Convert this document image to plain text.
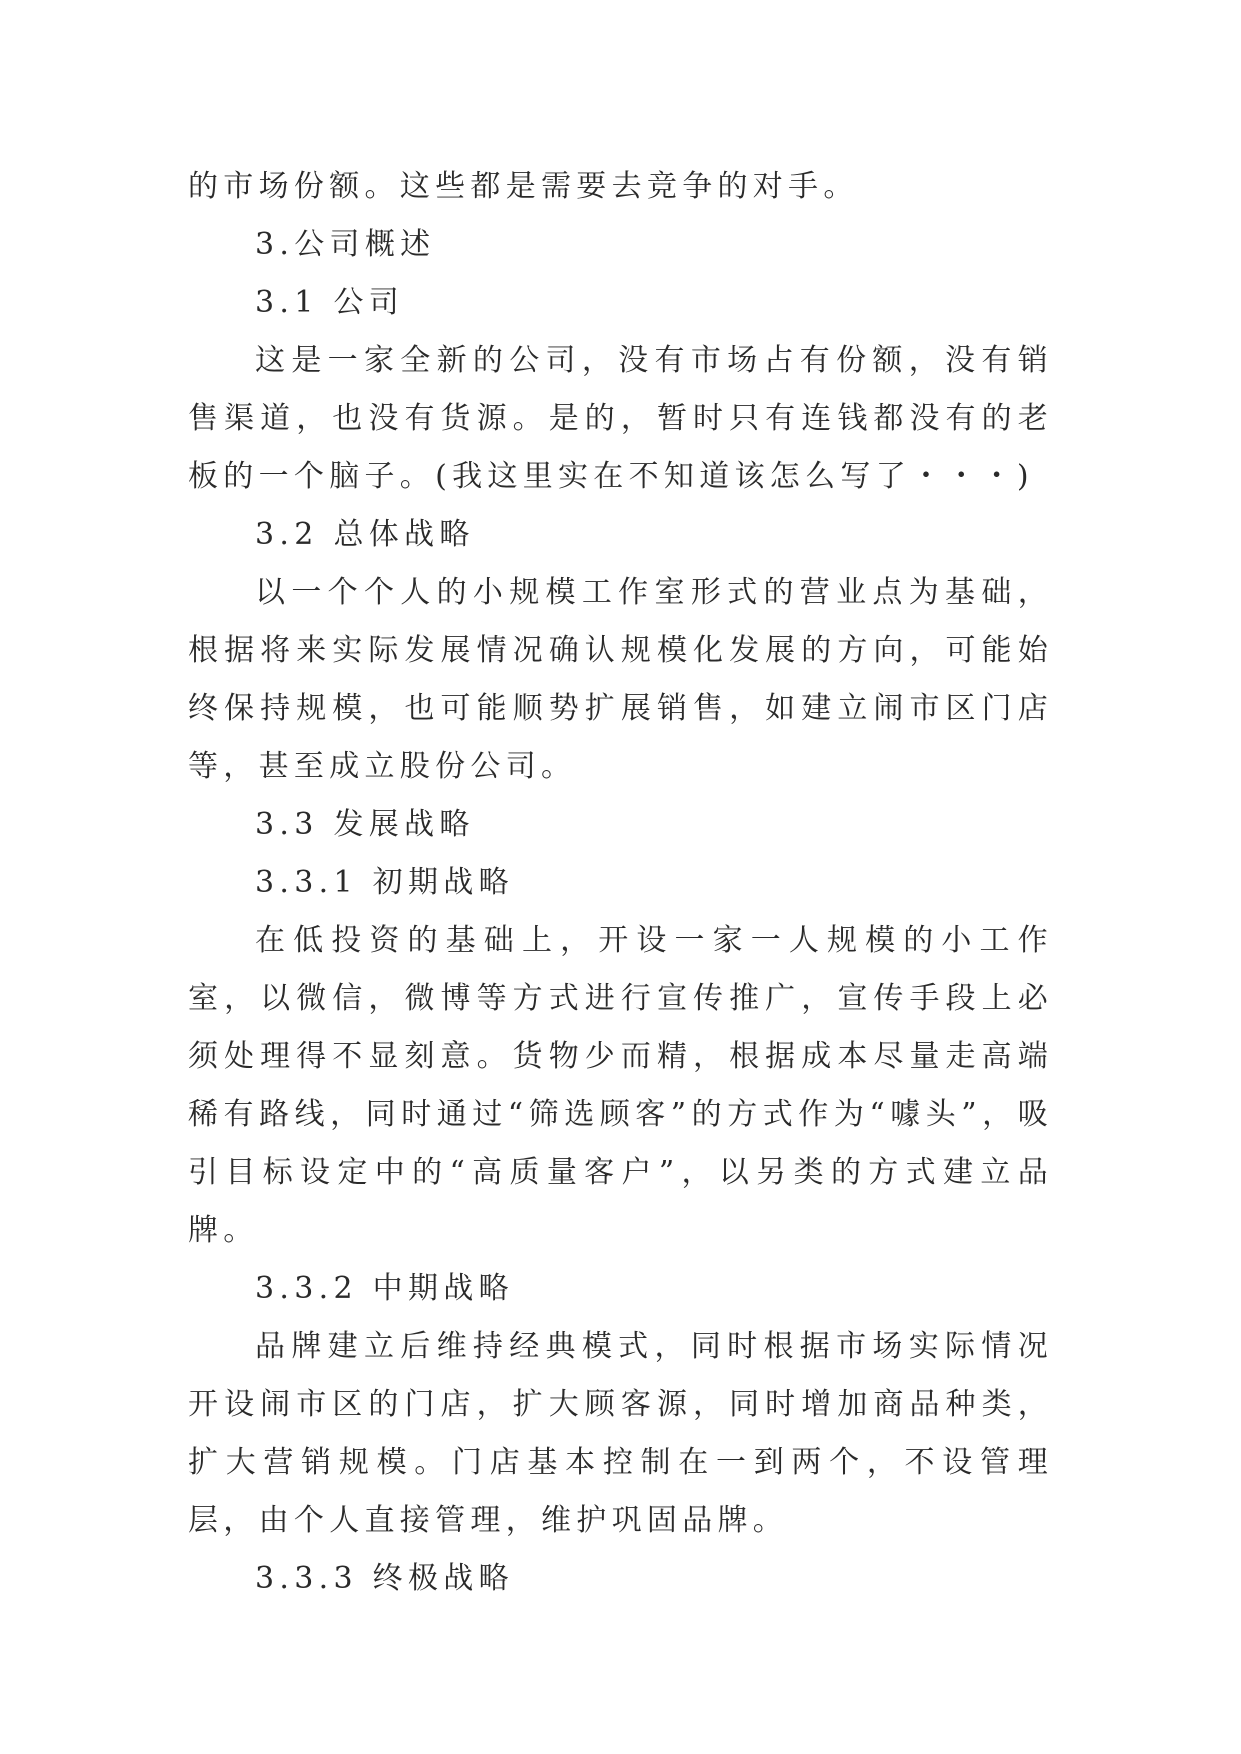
的市场份额。这些都是需要去竞争的对手。

3.公司概述

3.1 公司

这是一家全新的公司，没有市场占有份额，没有销售渠道，也没有货源。是的，暂时只有连钱都没有的老板的一个脑子。(我这里实在不知道该怎么写了・・・)

3.2 总体战略

以一个个人的小规模工作室形式的营业点为基础，根据将来实际发展情况确认规模化发展的方向，可能始终保持规模，也可能顺势扩展销售，如建立闹市区门店等，甚至成立股份公司。

3.3 发展战略

3.3.1 初期战略

在低投资的基础上，开设一家一人规模的小工作室，以微信，微博等方式进行宣传推广，宣传手段上必须处理得不显刻意。货物少而精，根据成本尽量走高端稀有路线，同时通过“筛选顾客”的方式作为“噱头”，吸引目标设定中的“高质量客户”，以另类的方式建立品牌。

3.3.2 中期战略

品牌建立后维持经典模式，同时根据市场实际情况开设闹市区的门店，扩大顾客源，同时增加商品种类，扩大营销规模。门店基本控制在一到两个，不设管理层，由个人直接管理，维护巩固品牌。

3.3.3 终极战略
